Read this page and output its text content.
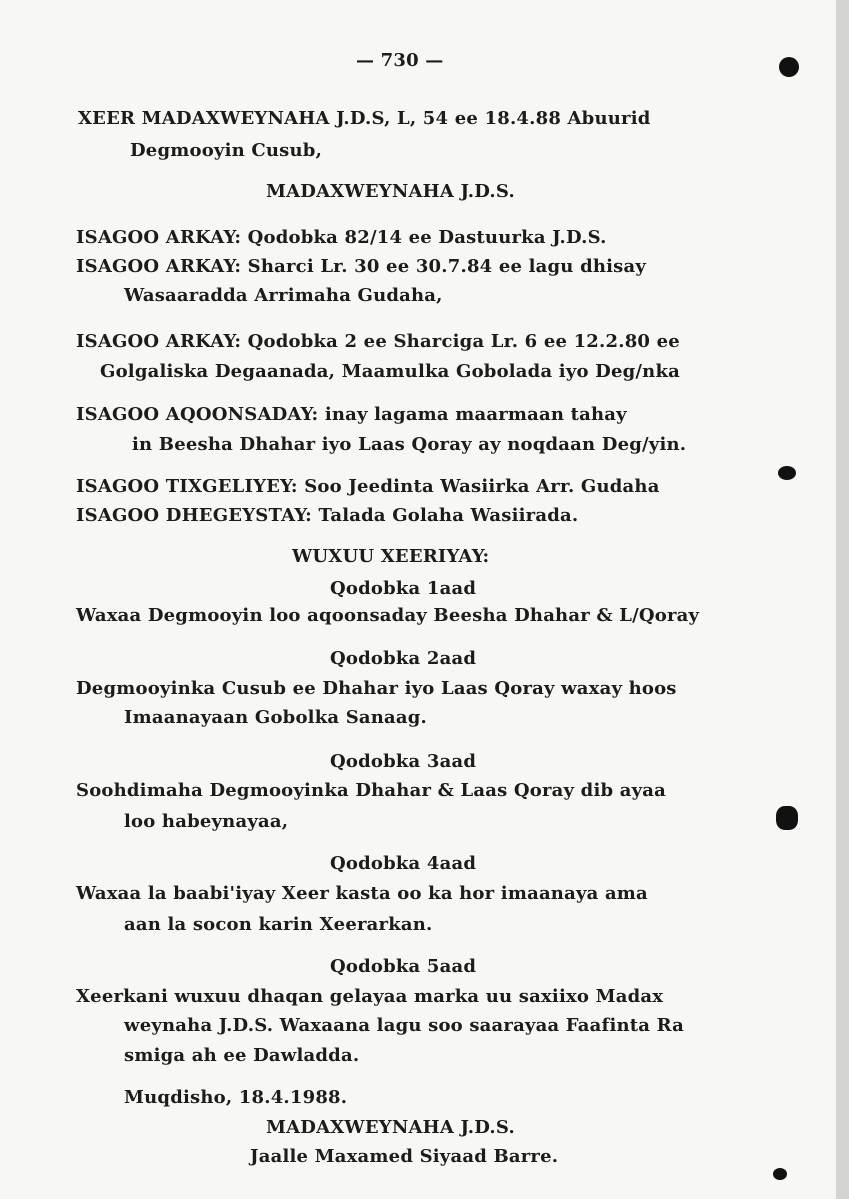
— 730 —
XEER MADAXWEYNAHA J.D.S, L, 54 ee 18.4.88 Abuurid
Degmooyin Cusub,
MADAXWEYNAHA J.D.S.
ISAGOO ARKAY: Qodobka 82/14 ee Dastuurka J.D.S.
ISAGOO ARKAY: Sharci Lr. 30 ee 30.7.84 ee lagu dhisay
Wasaaradda Arrimaha Gudaha,
ISAGOO ARKAY: Qodobka 2 ee Sharciga Lr. 6 ee 12.2.80 ee
Golgaliska Degaanada, Maamulka Gobolada iyo Deg/nka
ISAGOO AQOONSADAY: inay lagama maarmaan tahay
in Beesha Dhahar iyo Laas Qoray ay noqdaan Deg/yin.
ISAGOO TIXGELIYEY: Soo Jeedinta Wasiirka Arr. Gudaha
ISAGOO DHEGEYSTAY: Talada Golaha Wasiirada.
WUXUU XEERIYAY:
Qodobka 1aad
Waxaa Degmooyin loo aqoonsaday Beesha Dhahar & L/Qoray
Qodobka 2aad
Degmooyinka Cusub ee Dhahar iyo Laas Qoray waxay hoos
Imaanayaan Gobolka Sanaag.
Qodobka 3aad
Soohdimaha Degmooyinka Dhahar & Laas Qoray dib ayaa
loo habeynayaa,
Qodobka 4aad
Waxaa la baabi'iyay Xeer kasta oo ka hor imaanaya ama
aan la socon karin Xeerarkan.
Qodobka 5aad
Xeerkani wuxuu dhaqan gelayaa marka uu saxiixo Madax
weynaha J.D.S. Waxaana lagu soo saarayaa Faafinta Ra
smiga ah ee Dawladda.
Muqdisho, 18.4.1988.
MADAXWEYNAHA J.D.S.
Jaalle Maxamed Siyaad Barre.
